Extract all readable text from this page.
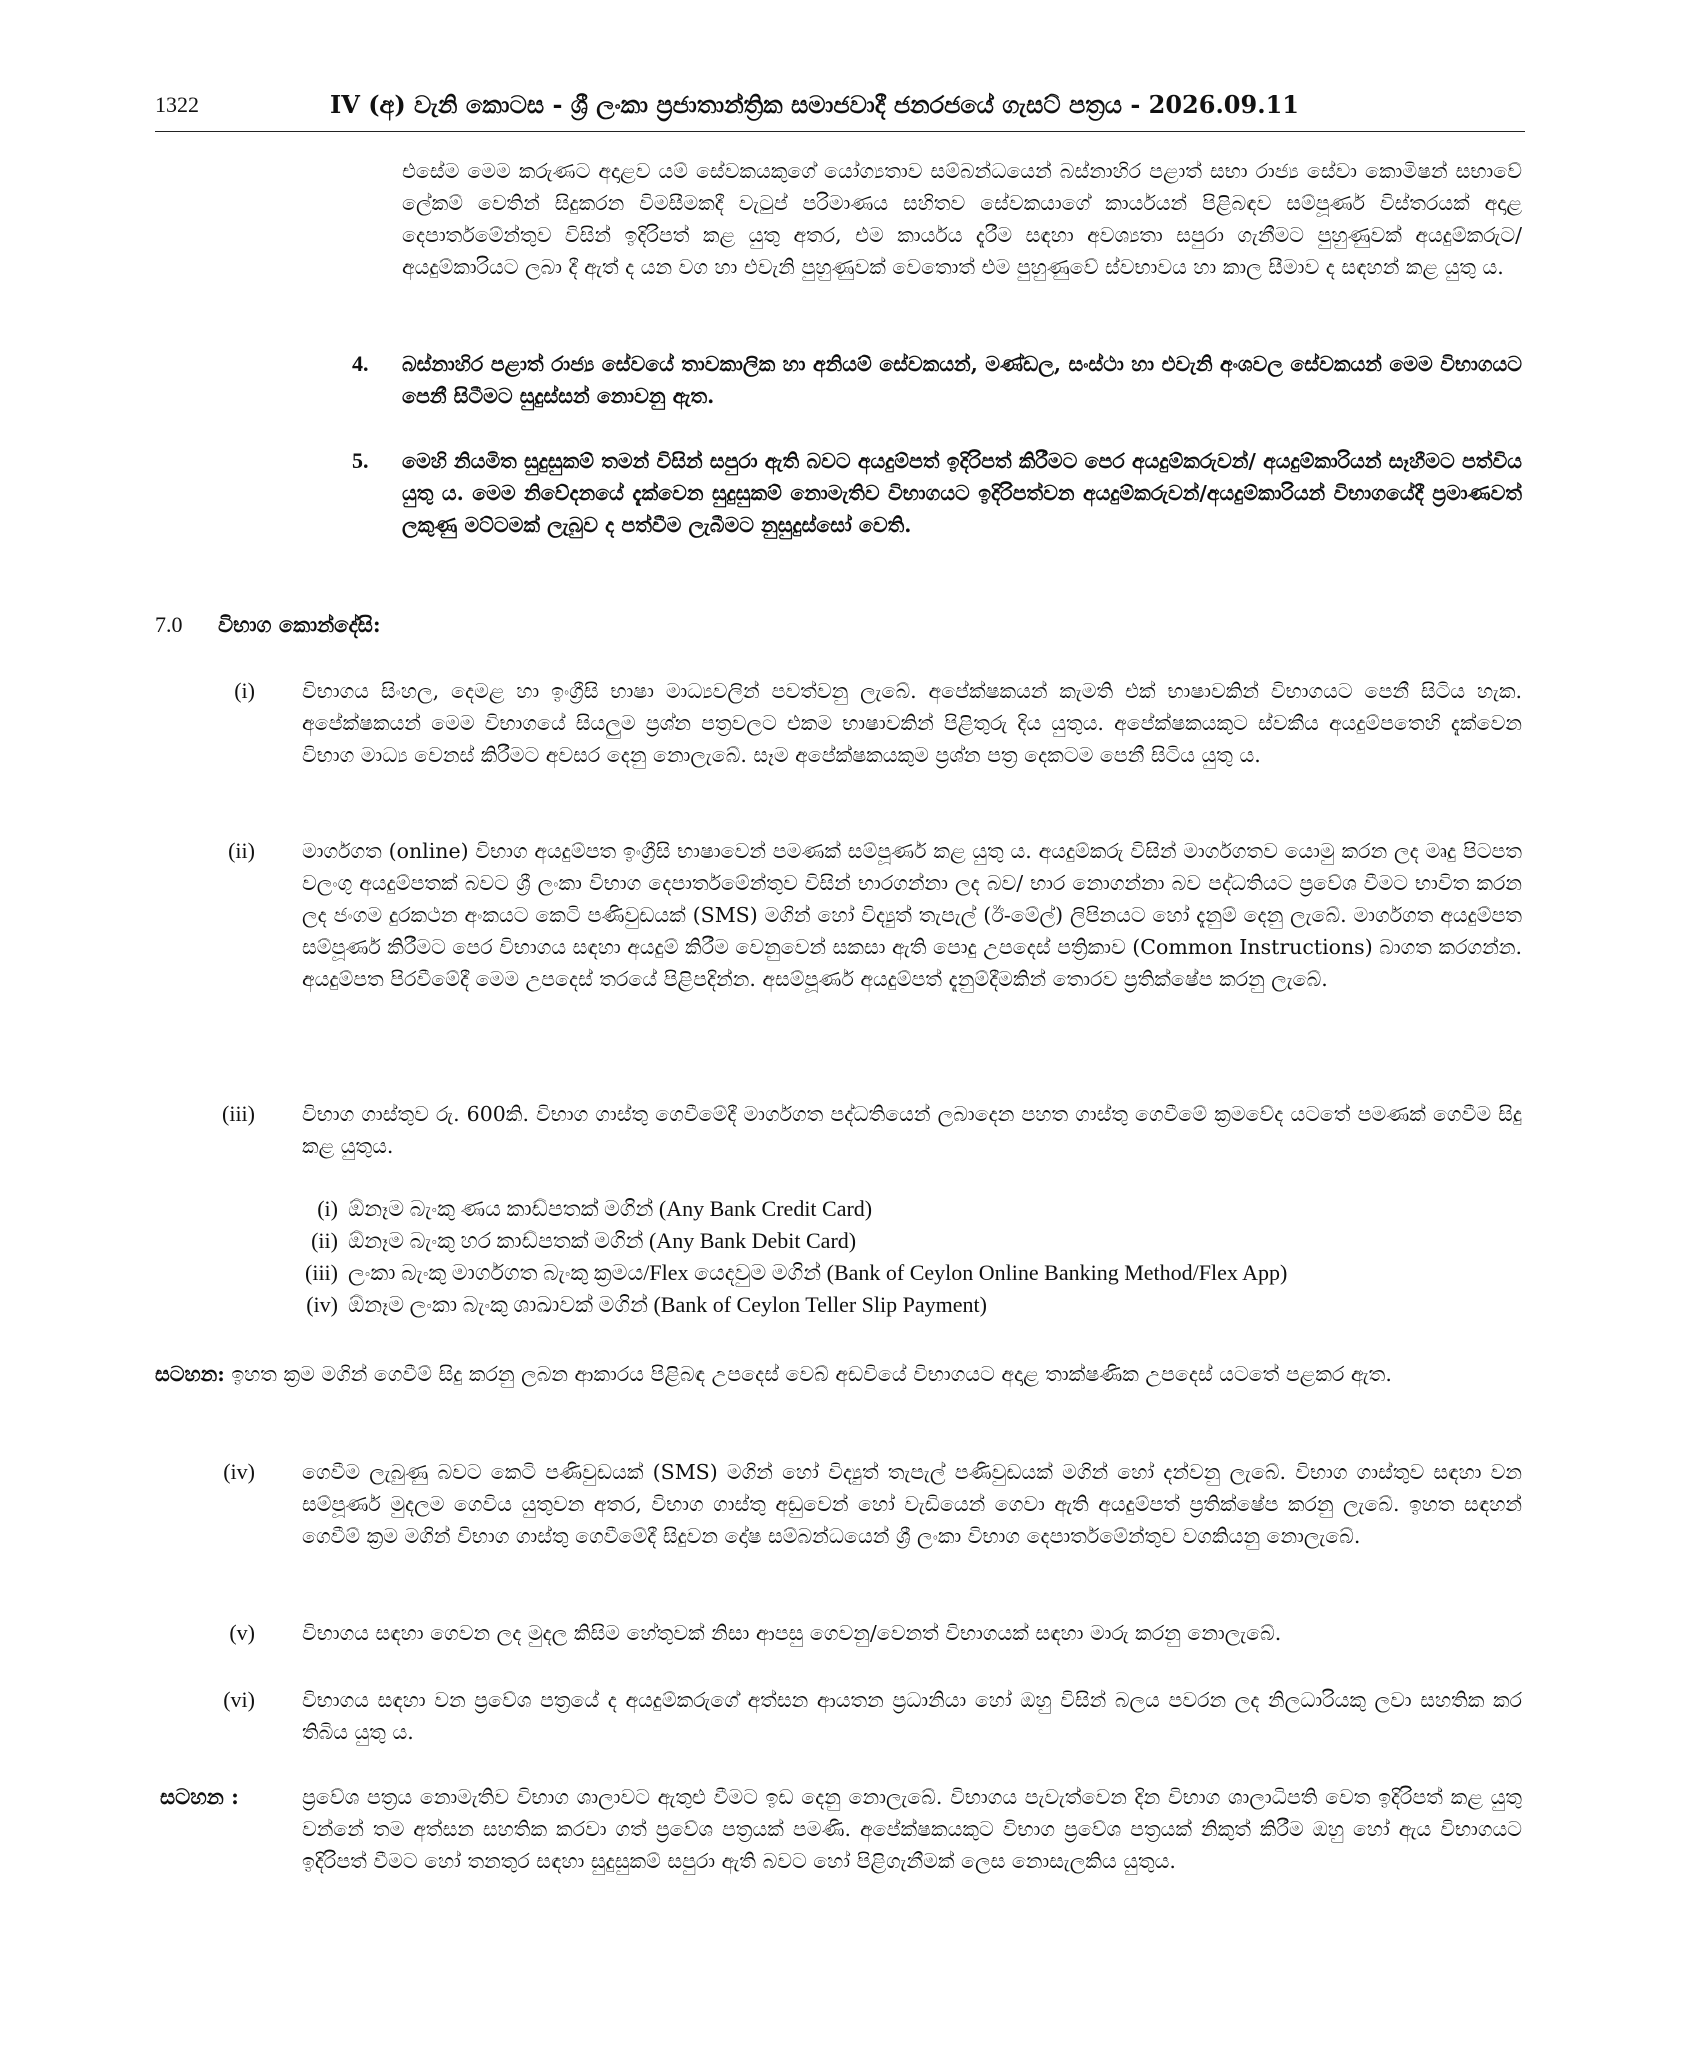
1322	IV (අ) වැනි කොටස - ශ්‍රී ලංකා ප්‍රජාතාන්ත්‍රික සමාජවාදී ජනරජයේ ගැසට් පත්‍රය - 2026.09.11
එසේම මෙම කරුණට අදාළව යම් සේවකයකුගේ යෝග්‍යතාව සම්බන්ධයෙන් බස්නාහිර පළාත් සභා රාජ්‍ය සේවා කොමිෂන් සභාවේ ලේකම් වෙතින් සිදුකරන විමසීමකදී වැටුප් පරිමාණය සහිතව සේවකයාගේ කාර්යයන් පිළිබඳව සම්පූර්ණ විස්තරයක් අදාළ දෙපාර්තමේන්තුව විසින් ඉදිරිපත් කළ යුතු අතර, එම කාර්යය දැරීම සඳහා අවශ්‍යතා සපුරා ගැනීමට පුහුණුවක් අයදුම්කරුට/අයදුම්කාරියට ලබා දී ඇත් ද යන වග හා එවැනි පුහුණුවක් වෙතොත් එම පුහුණුවේ ස්වභාවය හා කාල සීමාව ද සඳහන් කළ යුතු ය.
4. බස්නාහිර පළාත් රාජ්‍ය සේවයේ තාවකාලික හා අනියම් සේවකයන්, මණ්ඩල, සංස්ථා හා එවැනි අංශවල සේවකයන් මෙම විභාගයට පෙනී සිටීමට සුදුස්සන් නොවනු ඇත.
5. මෙහි නියමිත සුදුසුකම් තමන් විසින් සපුරා ඇති බවට අයදුම්පත් ඉදිරිපත් කිරීමට පෙර අයදුම්කරුවන්/ අයදුම්කාරියන් සෑහීමට පත්විය යුතු ය. මෙම නිවේදනයේ දැක්වෙන සුදුසුකම් නොමැතිව විභාගයට ඉදිරිපත්වන අයදුම්කරුවන්/අයදුම්කාරියන් විභාගයේදී ප්‍රමාණවත් ලකුණු මට්ටමක් ලැබුව ද පත්වීම ලැබීමට නුසුදුස්සෝ වෙති.
7.0 විභාග කොන්දේසි:
(i) විභාගය සිංහල, දෙමළ හා ඉංග්‍රීසි භාෂා මාධ්‍යවලින් පවත්වනු ලැබේ. අපේක්ෂකයන් කැමති එක් භාෂාවකින් විභාගයට පෙනී සිටිය හැක. අපේක්ෂකයන් මෙම විභාගයේ සියලුම ප්‍රශ්න පත්‍රවලට එකම භාෂාවකින් පිළිතුරු දිය යුතුය. අපේක්ෂකයකුට ස්වකීය අයදුම්පතෙහි දැක්වෙන විභාග මාධ්‍ය වෙනස් කිරීමට අවසර දෙනු නොලැබේ. සෑම අපේක්ෂකයකුම ප්‍රශ්න පත්‍ර දෙකටම පෙනී සිටිය යුතු ය.
(ii) මාර්ගගත (online) විභාග අයදුම්පත ඉංග්‍රීසි භාෂාවෙන් පමණක් සම්පූර්ණ කළ යුතු ය. අයදුම්කරු විසින් මාර්ගගතව යොමු කරන ලද මෘදු පිටපත වලංගු අයදුම්පතක් බවට ශ්‍රී ලංකා විභාග දෙපාර්තමේන්තුව විසින් භාරගන්නා ලද බව/ භාර නොගන්නා බව පද්ධතියට ප්‍රවේශ වීමට භාවිත කරන ලද ජංගම දුරකථන අංකයට කෙටි පණිවුඩයක් (SMS) මගින් හෝ විද්‍යුත් තැපැල් (ඊ-මේල්) ලිපිනයට හෝ දැනුම් දෙනු ලැබේ. මාර්ගගත අයදුම්පත සම්පූර්ණ කිරීමට පෙර විභාගය සඳහා අයදුම් කිරීම වෙනුවෙන් සකසා ඇති පොදු උපදෙස් පත්‍රිකාව (Common Instructions) බාගත කරගන්න. අයදුම්පත පිරවීමේදී මෙම උපදෙස් තරයේ පිළිපදින්න. අසම්පූර්ණ අයදුම්පත් දැනුම්දීමකින් තොරව ප්‍රතික්ෂේප කරනු ලැබේ.
(iii) විභාග ගාස්තුව රු. 600කි. විභාග ගාස්තු ගෙවීමේදී මාර්ගගත පද්ධතියෙන් ලබාදෙන පහත ගාස්තු ගෙවීමේ ක්‍රමවේද යටතේ පමණක් ගෙවීම සිදු කළ යුතුය.
(i) ඕනෑම බැංකු ණය කාඩ්පතක් මගින් (Any Bank Credit Card)
(ii) ඕනෑම බැංකු හර කාඩ්පතක් මගින් (Any Bank Debit Card)
(iii) ලංකා බැංකු මාර්ගගත බැංකු ක්‍රමය/Flex යෙදවුම මගින් (Bank of Ceylon Online Banking Method/Flex App)
(iv) ඕනෑම ලංකා බැංකු ශාඛාවක් මගින් (Bank of Ceylon Teller Slip Payment)
සටහන: ඉහත ක්‍රම මගින් ගෙවීම් සිදු කරනු ලබන ආකාරය පිළිබඳ උපදෙස් වෙබ් අඩවියේ විභාගයට අදාළ තාක්ෂණික උපදෙස් යටතේ පළකර ඇත.
(iv) ගෙවීම ලැබුණු බවට කෙටි පණිවුඩයක් (SMS) මගින් හෝ විද්‍යුත් තැපැල් පණිවුඩයක් මගින් හෝ දන්වනු ලැබේ. විභාග ගාස්තුව සඳහා වන සම්පූර්ණ මුදලම ගෙවිය යුතුවන අතර, විභාග ගාස්තු අඩුවෙන් හෝ වැඩියෙන් ගෙවා ඇති අයදුම්පත් ප්‍රතික්ෂේප කරනු ලැබේ. ඉහත සඳහන් ගෙවීම් ක්‍රම මගින් විභාග ගාස්තු ගෙවීමේදී සිදුවන දෝෂ සම්බන්ධයෙන් ශ්‍රී ලංකා විභාග දෙපාර්තමේන්තුව වගකියනු නොලැබේ.
(v) විභාගය සඳහා ගෙවන ලද මුදල කිසිම හේතුවක් නිසා ආපසු ගෙවනු/වෙනත් විභාගයක් සඳහා මාරු කරනු නොලැබේ.
(vi) විභාගය සඳහා වන ප්‍රවේශ පත්‍රයේ ද අයදුම්කරුගේ අත්සන ආයතන ප්‍රධානියා හෝ ඔහු විසින් බලය පවරන ලද නිලධාරියකු ලවා සහතික කර තිබිය යුතු ය.
සටහන :	ප්‍රවේශ පත්‍රය නොමැතිව විභාග ශාලාවට ඇතුළු වීමට ඉඩ දෙනු නොලැබේ. විභාගය පැවැත්වෙන දින විභාග ශාලාධිපති වෙත ඉදිරිපත් කළ යුතු වන්නේ තම අත්සන සහතික කරවා ගත් ප්‍රවේශ පත්‍රයක් පමණි. අපේක්ෂකයකුට විභාග ප්‍රවේශ පත්‍රයක් නිකුත් කිරීම ඔහු හෝ ඇය විභාගයට ඉදිරිපත් වීමට හෝ තනතුර සඳහා සුදුසුකම් සපුරා ඇති බවට හෝ පිළිගැනීමක් ලෙස නොසැලකිය යුතුය.
